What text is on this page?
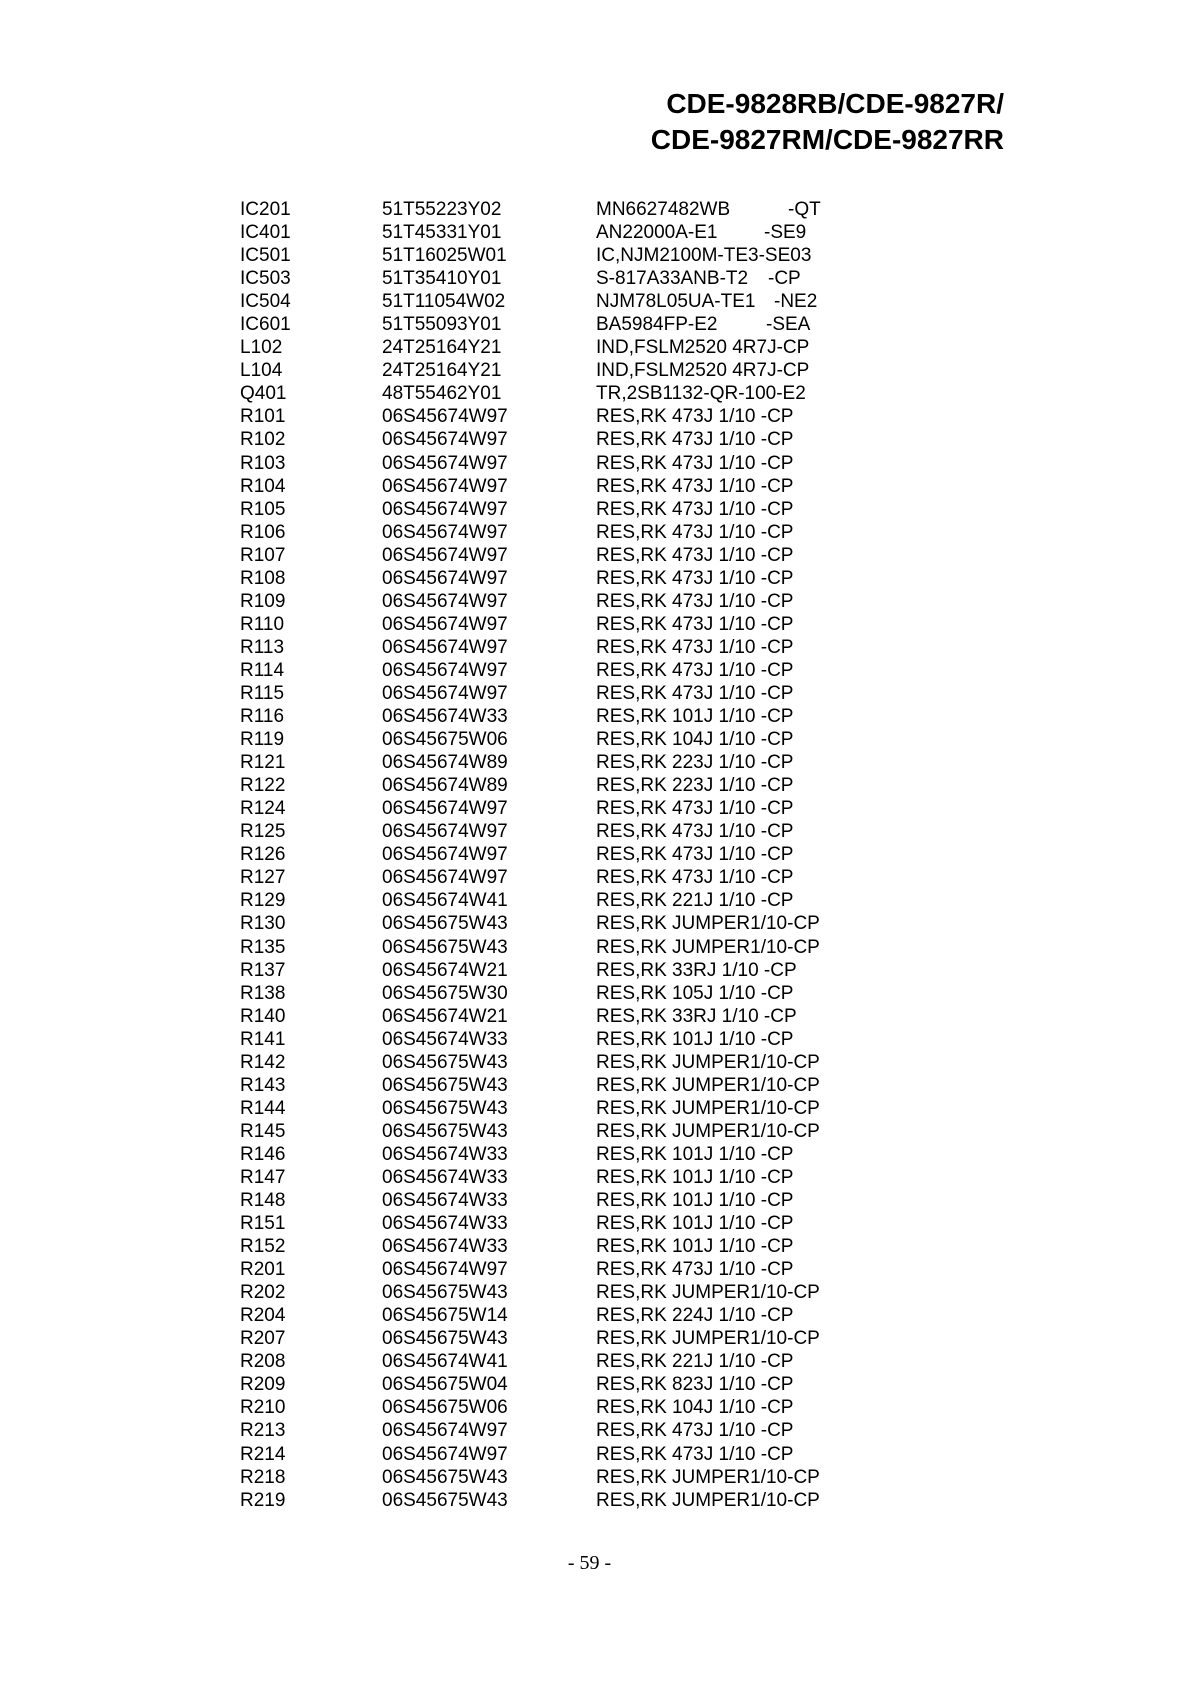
CDE-9828RB/CDE-9827R/
CDE-9827RM/CDE-9827RR
IC201	51T55223Y02	MN6627482WB	-QT
IC401	51T45331Y01	AN22000A-E1 -SE9
IC501	51T16025W01	IC,NJM2100M-TE3-SE03
IC503	51T35410Y01	S-817A33ANB-T2 -CP
IC504	51T11054W02	NJM78L05UA-TE1 -NE2
IC601	51T55093Y01	BA5984FP-E2	-SEA
L102	24T25164Y21	IND,FSLM2520 4R7J-CP
L104	24T25164Y21	IND,FSLM2520 4R7J-CP
Q401	48T55462Y01	TR,2SB1132-QR-100-E2
R101	06S45674W97	RES,RK 473J 1/10 -CP
R102	06S45674W97	RES,RK 473J 1/10 -CP
R103	06S45674W97	RES,RK 473J 1/10 -CP
R104	06S45674W97	RES,RK 473J 1/10 -CP
R105	06S45674W97	RES,RK 473J 1/10 -CP
R106	06S45674W97	RES,RK 473J 1/10 -CP
R107	06S45674W97	RES,RK 473J 1/10 -CP
R108	06S45674W97	RES,RK 473J 1/10 -CP
R109	06S45674W97	RES,RK 473J 1/10 -CP
R110	06S45674W97	RES,RK 473J 1/10 -CP
R113	06S45674W97	RES,RK 473J 1/10 -CP
R114	06S45674W97	RES,RK 473J 1/10 -CP
R115	06S45674W97	RES,RK 473J 1/10 -CP
R116	06S45674W33	RES,RK 101J 1/10 -CP
R119	06S45675W06	RES,RK 104J 1/10 -CP
R121	06S45674W89	RES,RK 223J 1/10 -CP
R122	06S45674W89	RES,RK 223J 1/10 -CP
R124	06S45674W97	RES,RK 473J 1/10 -CP
R125	06S45674W97	RES,RK 473J 1/10 -CP
R126	06S45674W97	RES,RK 473J 1/10 -CP
R127	06S45674W97	RES,RK 473J 1/10 -CP
R129	06S45674W41	RES,RK 221J 1/10 -CP
R130	06S45675W43	RES,RK JUMPER1/10-CP
R135	06S45675W43	RES,RK JUMPER1/10-CP
R137	06S45674W21	RES,RK 33RJ 1/10 -CP
R138	06S45675W30	RES,RK 105J 1/10 -CP
R140	06S45674W21	RES,RK 33RJ 1/10 -CP
R141	06S45674W33	RES,RK 101J 1/10 -CP
R142	06S45675W43	RES,RK JUMPER1/10-CP
R143	06S45675W43	RES,RK JUMPER1/10-CP
R144	06S45675W43	RES,RK JUMPER1/10-CP
R145	06S45675W43	RES,RK JUMPER1/10-CP
R146	06S45674W33	RES,RK 101J 1/10 -CP
R147	06S45674W33	RES,RK 101J 1/10 -CP
R148	06S45674W33	RES,RK 101J 1/10 -CP
R151	06S45674W33	RES,RK 101J 1/10 -CP
R152	06S45674W33	RES,RK 101J 1/10 -CP
R201	06S45674W97	RES,RK 473J 1/10 -CP
R202	06S45675W43	RES,RK JUMPER1/10-CP
R204	06S45675W14	RES,RK 224J 1/10 -CP
R207	06S45675W43	RES,RK JUMPER1/10-CP
R208	06S45674W41	RES,RK 221J 1/10 -CP
R209	06S45675W04	RES,RK 823J 1/10 -CP
R210	06S45675W06	RES,RK 104J 1/10 -CP
R213	06S45674W97	RES,RK 473J 1/10 -CP
R214	06S45674W97	RES,RK 473J 1/10 -CP
R218	06S45675W43	RES,RK JUMPER1/10-CP
R219	06S45675W43	RES,RK JUMPER1/10-CP
- 59 -
